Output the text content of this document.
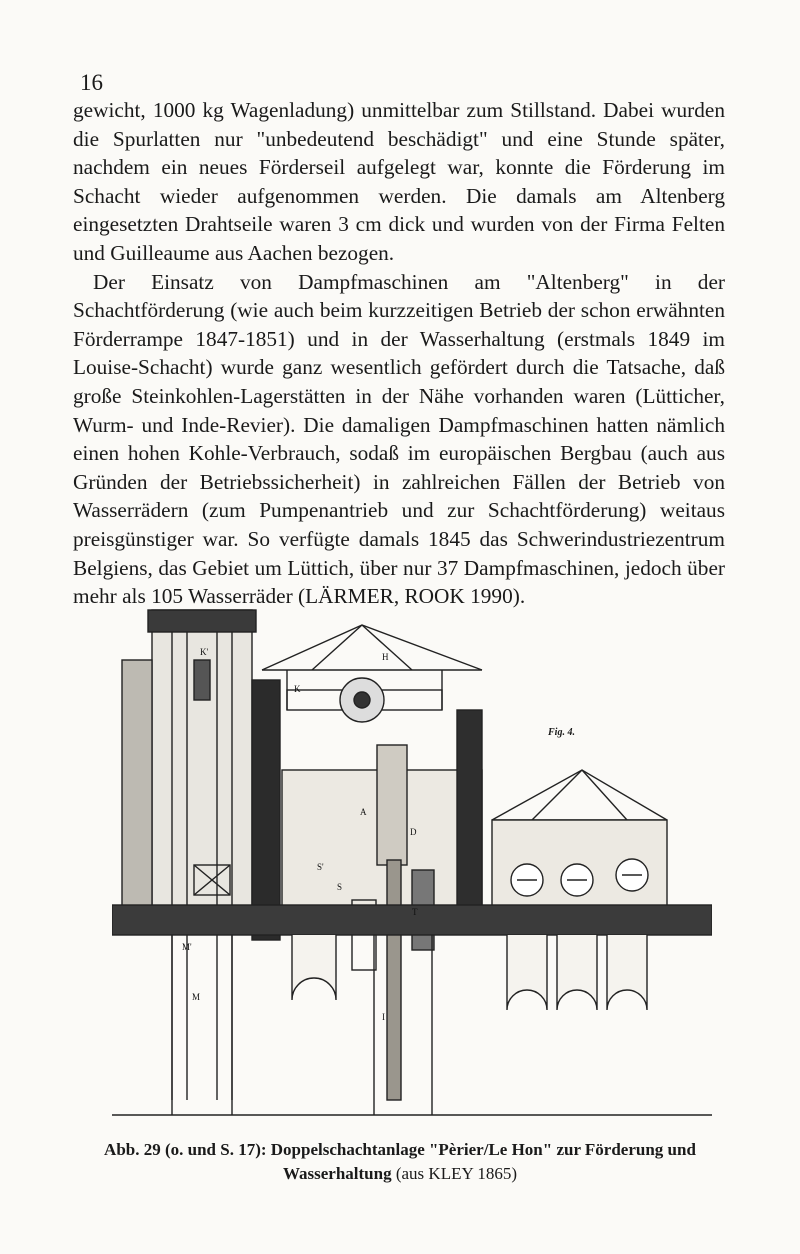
16

gewicht, 1000 kg Wagenladung) unmittelbar zum Stillstand. Dabei wurden die Spurlatten nur "unbedeutend beschädigt" und eine Stunde später, nachdem ein neues Förderseil aufgelegt war, konnte die Förderung im Schacht wieder aufgenommen werden. Die damals am Altenberg eingesetzten Drahtseile waren 3 cm dick und wurden von der Firma Felten und Guilleaume aus Aachen bezogen.

Der Einsatz von Dampfmaschinen am "Altenberg" in der Schachtförderung (wie auch beim kurzzeitigen Betrieb der schon erwähnten Förderrampe 1847-1851) und in der Wasserhaltung (erstmals 1849 im Louise-Schacht) wurde ganz wesentlich gefördert durch die Tatsache, daß große Steinkohlen-Lagerstätten in der Nähe vorhanden waren (Lütticher, Wurm- und Inde-Revier). Die damaligen Dampfmaschinen hatten nämlich einen hohen Kohle-Verbrauch, sodaß im europäischen Bergbau (auch aus Gründen der Betriebssicherheit) in zahlreichen Fällen der Betrieb von Wasserrädern (zum Pumpenantrieb und zur Schachtförderung) weitaus preisgünstiger war. So verfügte damals 1845 das Schwerindustriezentrum Belgiens, das Gebiet um Lüttich, über nur 37 Dampfmaschinen, jedoch über mehr als 105 Wasserräder (LÄRMER, ROOK 1990).

K'
K
H
A
D
S'
S
T
M'
M
I
Fig. 4.
Abb. 29 (o. und S. 17): Doppelschachtanlage "Pèrier/Le Hon" zur Förderung und Wasserhaltung (aus KLEY 1865)
